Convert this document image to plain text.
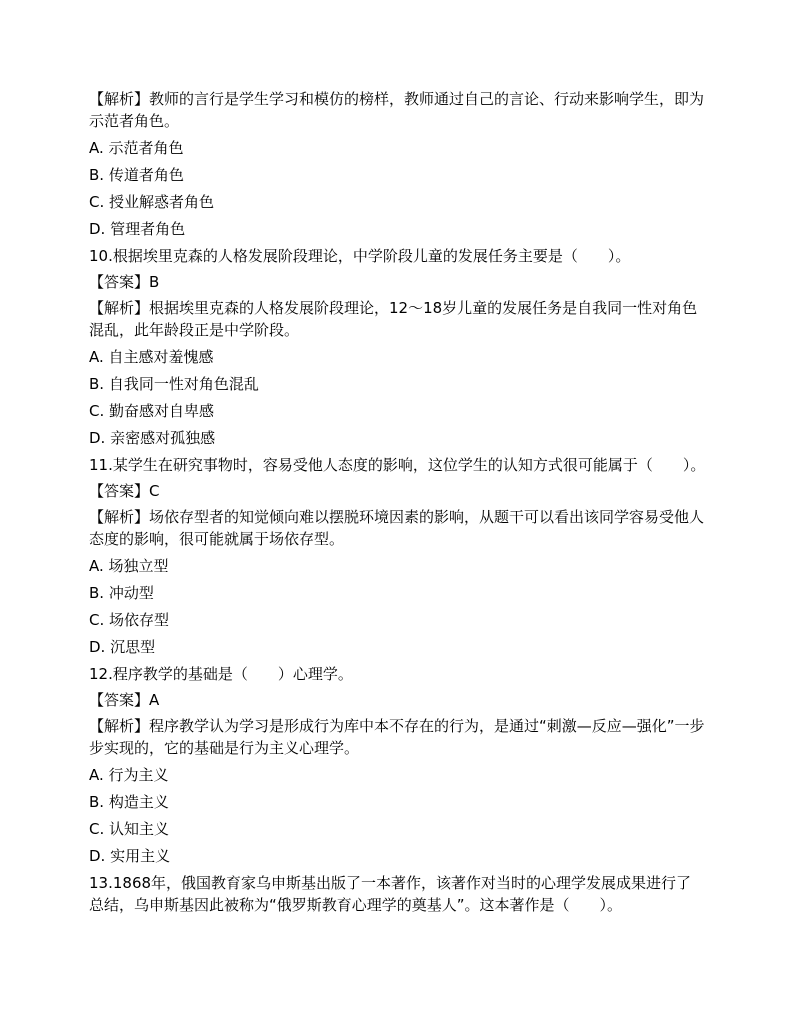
【解析】教师的言行是学生学习和模仿的榜样，教师通过自己的言论、行动来影响学生，即为示范者角色。

A. 示范者角色

B. 传道者角色

C. 授业解惑者角色

D. 管理者角色

10.根据埃里克森的人格发展阶段理论，中学阶段儿童的发展任务主要是（　　）。

【答案】B

【解析】根据埃里克森的人格发展阶段理论，12～18岁儿童的发展任务是自我同一性对角色混乱，此年龄段正是中学阶段。

A. 自主感对羞愧感

B. 自我同一性对角色混乱

C. 勤奋感对自卑感

D. 亲密感对孤独感

11.某学生在研究事物时，容易受他人态度的影响，这位学生的认知方式很可能属于（　　）。

【答案】C

【解析】场依存型者的知觉倾向难以摆脱环境因素的影响，从题干可以看出该同学容易受他人态度的影响，很可能就属于场依存型。

A. 场独立型

B. 冲动型

C. 场依存型

D. 沉思型

12.程序教学的基础是（　　）心理学。

【答案】A

【解析】程序教学认为学习是形成行为库中本不存在的行为，是通过“刺激—反应—强化”一步步实现的，它的基础是行为主义心理学。

A. 行为主义

B. 构造主义

C. 认知主义

D. 实用主义

13.1868年，俄国教育家乌申斯基出版了一本著作，该著作对当时的心理学发展成果进行了总结，乌申斯基因此被称为“俄罗斯教育心理学的奠基人”。这本著作是（　　）。
